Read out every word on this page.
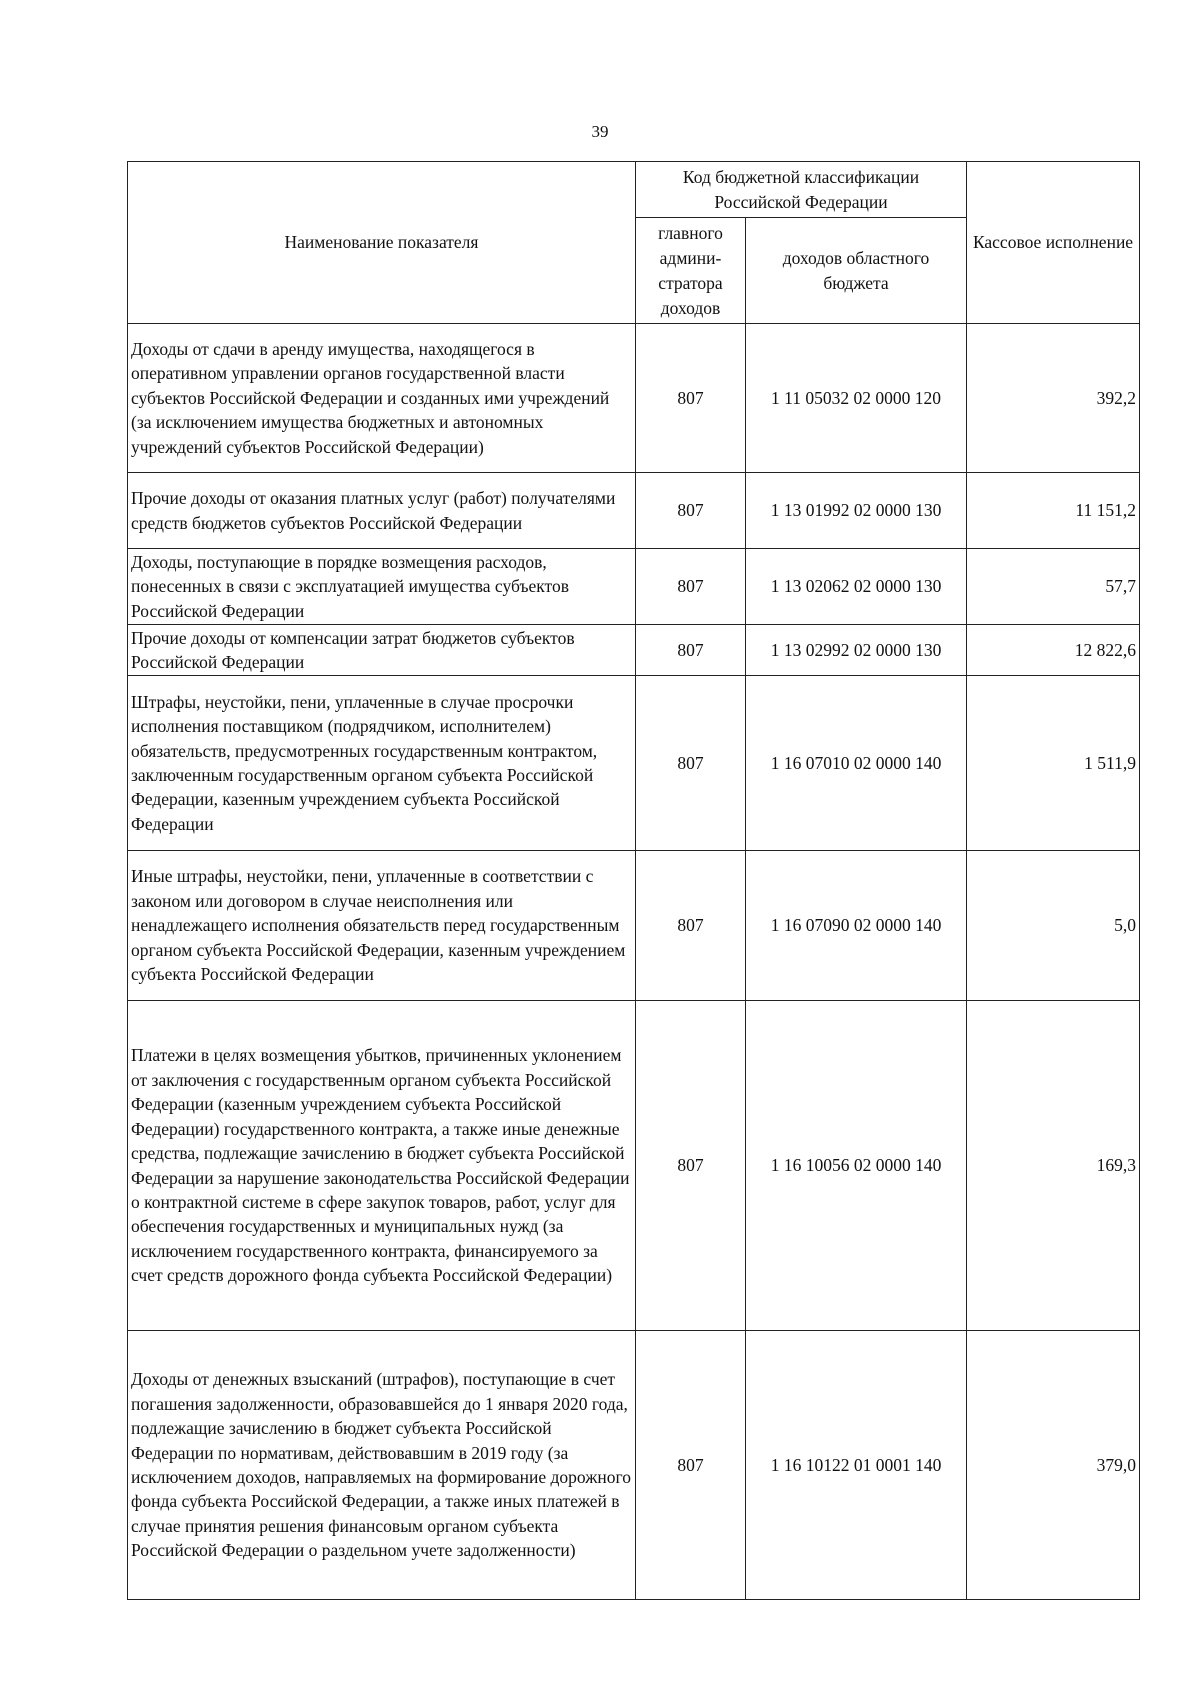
39
Наименование показателя	Код бюджетной классификации Российской Федерации		Кассовое исполнение
	главного админи-стратора доходов	доходов областного бюджета	
Доходы от сдачи в аренду имущества, находящегося в оперативном управлении органов государственной власти субъектов Российской Федерации и созданных ими учреждений (за исключением имущества бюджетных и автономных учреждений субъектов Российской Федерации)	807	1 11 05032 02 0000 120	392,2
Прочие доходы от оказания платных услуг (работ) получателями средств бюджетов субъектов Российской Федерации	807	1 13 01992 02 0000 130	11 151,2
Доходы, поступающие в порядке возмещения расходов, понесенных в связи с эксплуатацией имущества субъектов Российской Федерации	807	1 13 02062 02 0000 130	57,7
Прочие доходы от компенсации затрат бюджетов субъектов Российской Федерации	807	1 13 02992 02 0000 130	12 822,6
Штрафы, неустойки, пени, уплаченные в случае просрочки исполнения поставщиком (подрядчиком, исполнителем) обязательств, предусмотренных государственным контрактом, заключенным государственным органом субъекта Российской Федерации, казенным учреждением субъекта Российской Федерации	807	1 16 07010 02 0000 140	1 511,9
Иные штрафы, неустойки, пени, уплаченные в соответствии с законом или договором в случае неисполнения или ненадлежащего исполнения обязательств перед государственным органом субъекта Российской Федерации, казенным учреждением субъекта Российской Федерации	807	1 16 07090 02 0000 140	5,0
Платежи в целях возмещения убытков, причиненных уклонением от заключения с государственным органом субъекта Российской Федерации (казенным учреждением субъекта Российской Федерации) государственного контракта, а также иные денежные средства, подлежащие зачислению в бюджет субъекта Российской Федерации за нарушение законодательства Российской Федерации о контрактной системе в сфере закупок товаров, работ, услуг для обеспечения государственных и муниципальных нужд (за исключением государственного контракта, финансируемого за счет средств дорожного фонда субъекта Российской Федерации)	807	1 16 10056 02 0000 140	169,3
Доходы от денежных взысканий (штрафов), поступающие в счет погашения задолженности, образовавшейся до 1 января 2020 года, подлежащие зачислению в бюджет субъекта Российской Федерации по нормативам, действовавшим в 2019 году (за исключением доходов, направляемых на формирование дорожного фонда субъекта Российской Федерации, а также иных платежей в случае принятия решения финансовым органом субъекта Российской Федерации о раздельном учете задолженности)	807	1 16 10122 01 0001 140	379,0
